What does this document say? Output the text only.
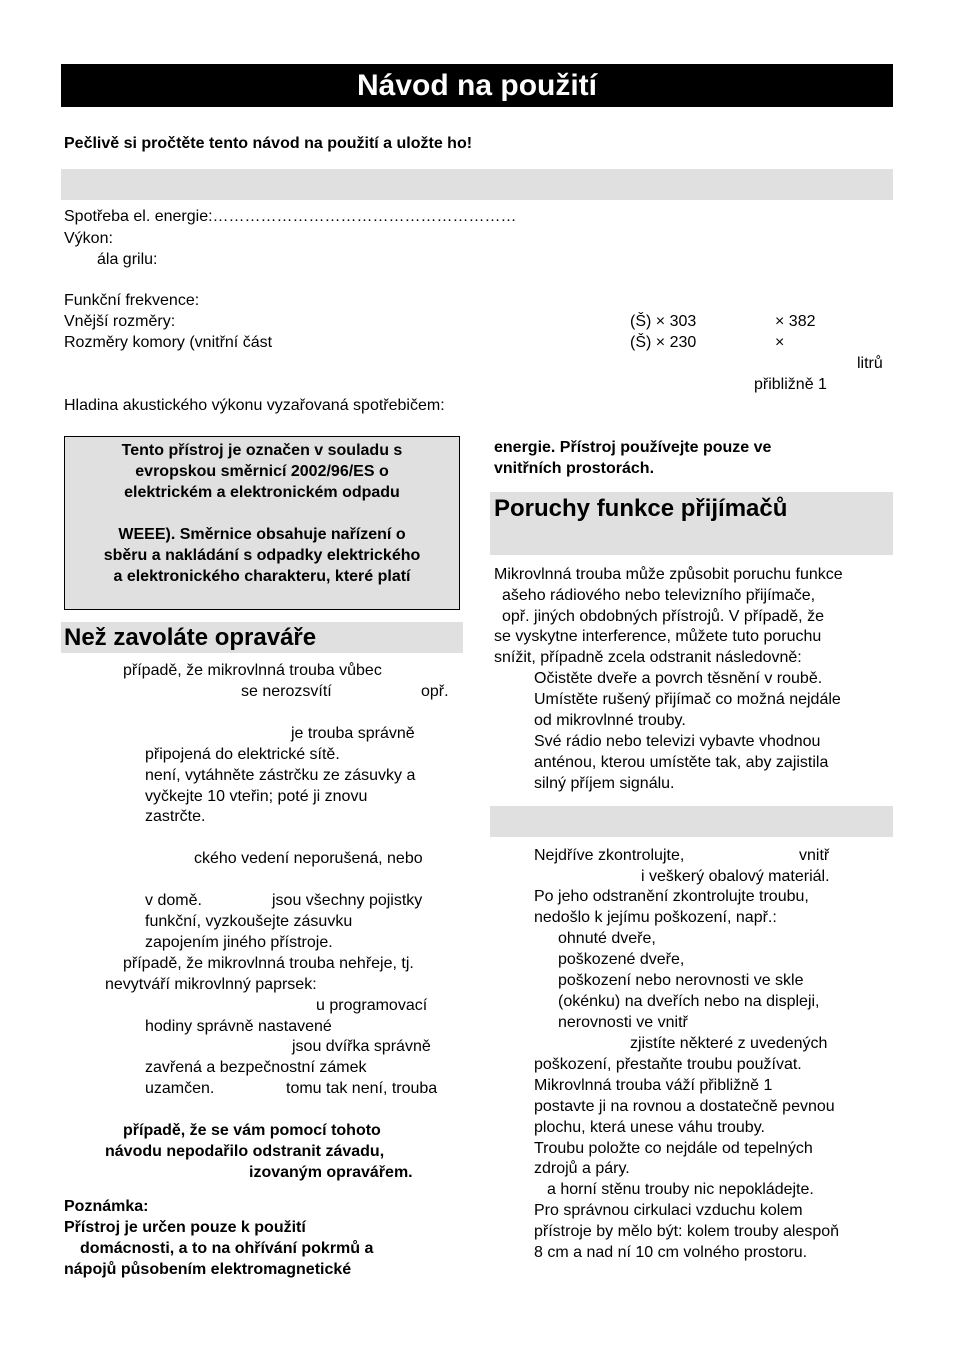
Návod na použití
Pečlivě si pročtěte tento návod na použití a uložte ho!
Spotřeba el. energie:…………………………………………………
Výkon:
ála grilu:
Funkční frekvence:
Vnější rozměry:	(Š) × 303	× 382
Rozměry komory (vnitřní část	(Š) × 230	×
litrů
přibližně 1
Hladina akustického výkonu vyzařovaná spotřebičem:
Tento přístroj je označen v souladu s
evropskou směrnicí 2002/96/ES o
elektrickém a elektronickém odpadu
WEEE). Směrnice obsahuje nařízení o
sběru a nakládání s odpadky elektrického
a elektronického charakteru, které platí
Než zavoláte opraváře
případě, že mikrovlnná trouba vůbec
se nerozsvítí	opř.
je trouba správně
připojená do elektrické sítě.
není, vytáhněte zástrčku ze zásuvky a
vyčkejte 10 vteřin; poté ji znovu
zastrčte.
ckého vedení neporušená, nebo
v domě.	jsou všechny pojistky
funkční, vyzkoušejte zásuvku
zapojením jiného přístroje.
případě, že mikrovlnná trouba nehřeje, tj.
nevytváří mikrovlnný paprsek:
u programovací
hodiny správně nastavené
jsou dvířka správně
zavřená a bezpečnostní zámek
uzamčen.	tomu tak není, trouba
případě, že se vám pomocí tohoto
návodu nepodařilo odstranit závadu,
izovaným opravářem.
Poznámka:
Přístroj je určen pouze k použití
domácnosti, a to na ohřívání pokrmů a
nápojů působením elektromagnetické
energie. Přístroj používejte pouze ve
vnitřních prostorách.
Poruchy funkce přijímačů
Mikrovlnná trouba může způsobit poruchu funkce
ašeho rádiového nebo televizního přijímače,
opř. jiných obdobných přístrojů. V případě, že
se vyskytne interference, můžete tuto poruchu
snížit, případně zcela odstranit následovně:
Očistěte dveře a povrch těsnění v roubě.
Umístěte rušený přijímač co možná nejdále
od mikrovlnné trouby.
Své rádio nebo televizi vybavte vhodnou
anténou, kterou umístěte tak, aby zajistila
silný příjem signálu.
Nejdříve zkontrolujte,	vnitř
i veškerý obalový materiál.
Po jeho odstranění zkontrolujte troubu,
nedošlo k jejímu poškození, např.:
ohnuté dveře,
poškozené dveře,
poškození nebo nerovnosti ve skle
(okénku) na dveřích nebo na displeji,
nerovnosti ve vnitř
zjistíte některé z uvedených
poškození, přestaňte troubu používat.
Mikrovlnná trouba váží přibližně 1
postavte ji na rovnou a dostatečně pevnou
plochu, která unese váhu trouby.
Troubu položte co nejdále od tepelných
zdrojů a páry.
a horní stěnu trouby nic nepokládejte.
Pro správnou cirkulaci vzduchu kolem
přístroje by mělo být: kolem trouby alespoň
8 cm a nad ní 10 cm volného prostoru.
